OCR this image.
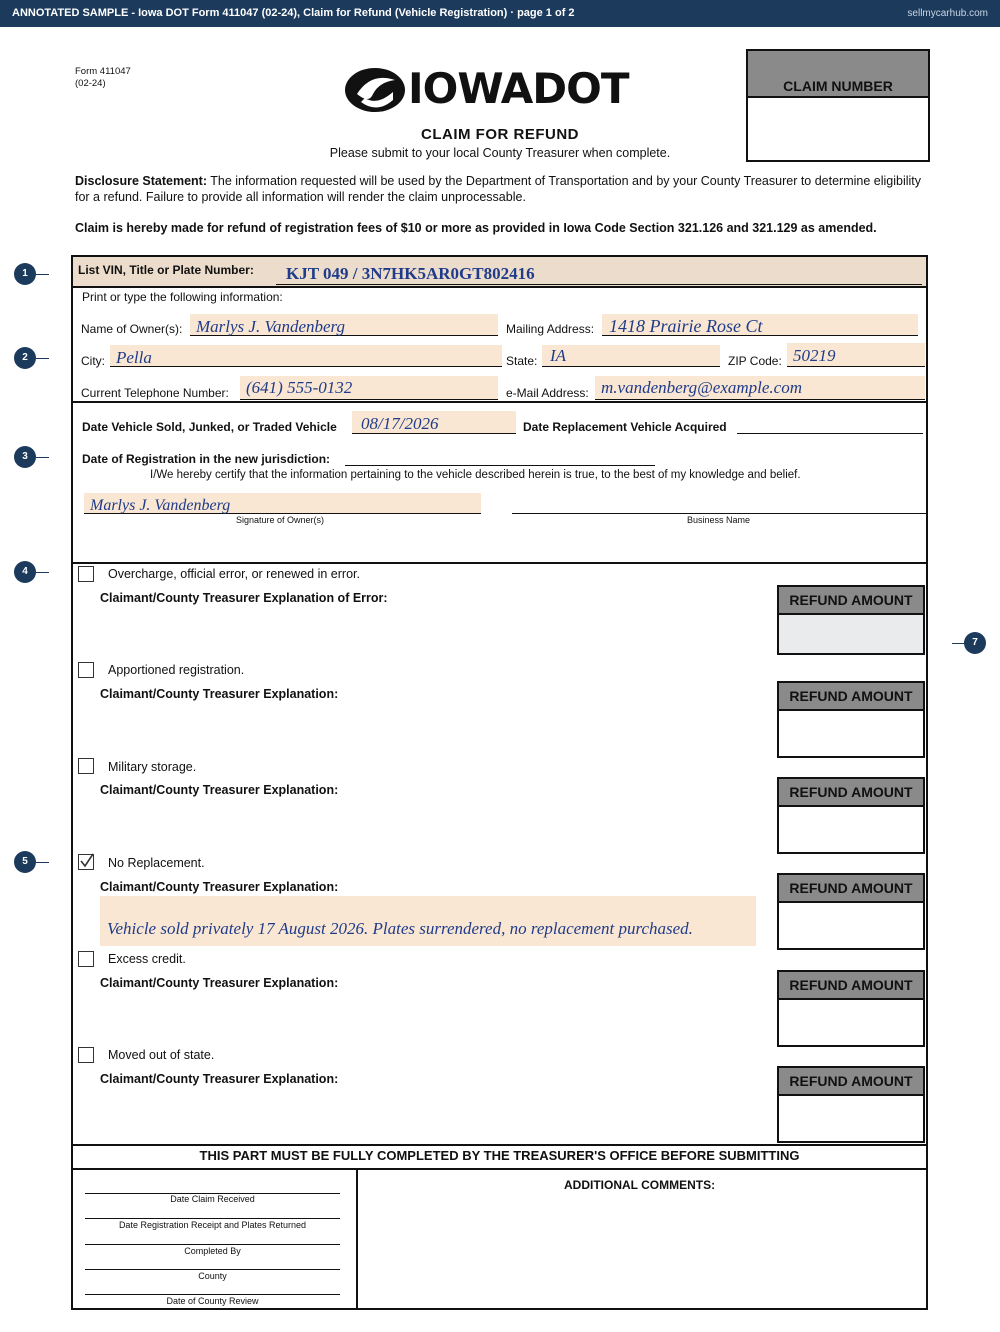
ANNOTATED SAMPLE - Iowa DOT Form 411047 (02-24), Claim for Refund (Vehicle Registration) · page 1 of 2	sellmycarhub.com
Form 411047
(02-24)	IOWADOT	CLAIM NUMBER
CLAIM FOR REFUND
Please submit to your local County Treasurer when complete.
Disclosure Statement: The information requested will be used by the Department of Transportation and by your County Treasurer to determine eligibility for a refund. Failure to provide all information will render the claim unprocessable.
Claim is hereby made for refund of registration fees of $10 or more as provided in Iowa Code Section 321.126 and 321.129 as amended.
List VIN, Title or Plate Number: KJT 049 / 3N7HK5AR0GT802416
Print or type the following information:
Name of Owner(s): Marlys J. Vandenberg	Mailing Address: 1418 Prairie Rose Ct
City: Pella	State: IA	ZIP Code: 50219
Current Telephone Number: (641) 555-0132	e-Mail Address: m.vandenberg@example.com
Date Vehicle Sold, Junked, or Traded Vehicle 08/17/2026	Date Replacement Vehicle Acquired
Date of Registration in the new jurisdiction:
I/We hereby certify that the information pertaining to the vehicle described herein is true, to the best of my knowledge and belief.
Marlys J. Vandenberg
Signature of Owner(s)	Business Name
Overcharge, official error, or renewed in error.
Claimant/County Treasurer Explanation of Error:	REFUND AMOUNT
Apportioned registration.
Claimant/County Treasurer Explanation:	REFUND AMOUNT
Military storage.
Claimant/County Treasurer Explanation:	REFUND AMOUNT
No Replacement.
Claimant/County Treasurer Explanation:
Vehicle sold privately 17 August 2026. Plates surrendered, no replacement purchased.
REFUND AMOUNT
Excess credit.
Claimant/County Treasurer Explanation:	REFUND AMOUNT
Moved out of state.
Claimant/County Treasurer Explanation:	REFUND AMOUNT
THIS PART MUST BE FULLY COMPLETED BY THE TREASURER'S OFFICE BEFORE SUBMITTING
Date Claim Received
Date Registration Receipt and Plates Returned
Completed By
County
Date of County Review
ADDITIONAL COMMENTS:
1
2
3
4
5
7
